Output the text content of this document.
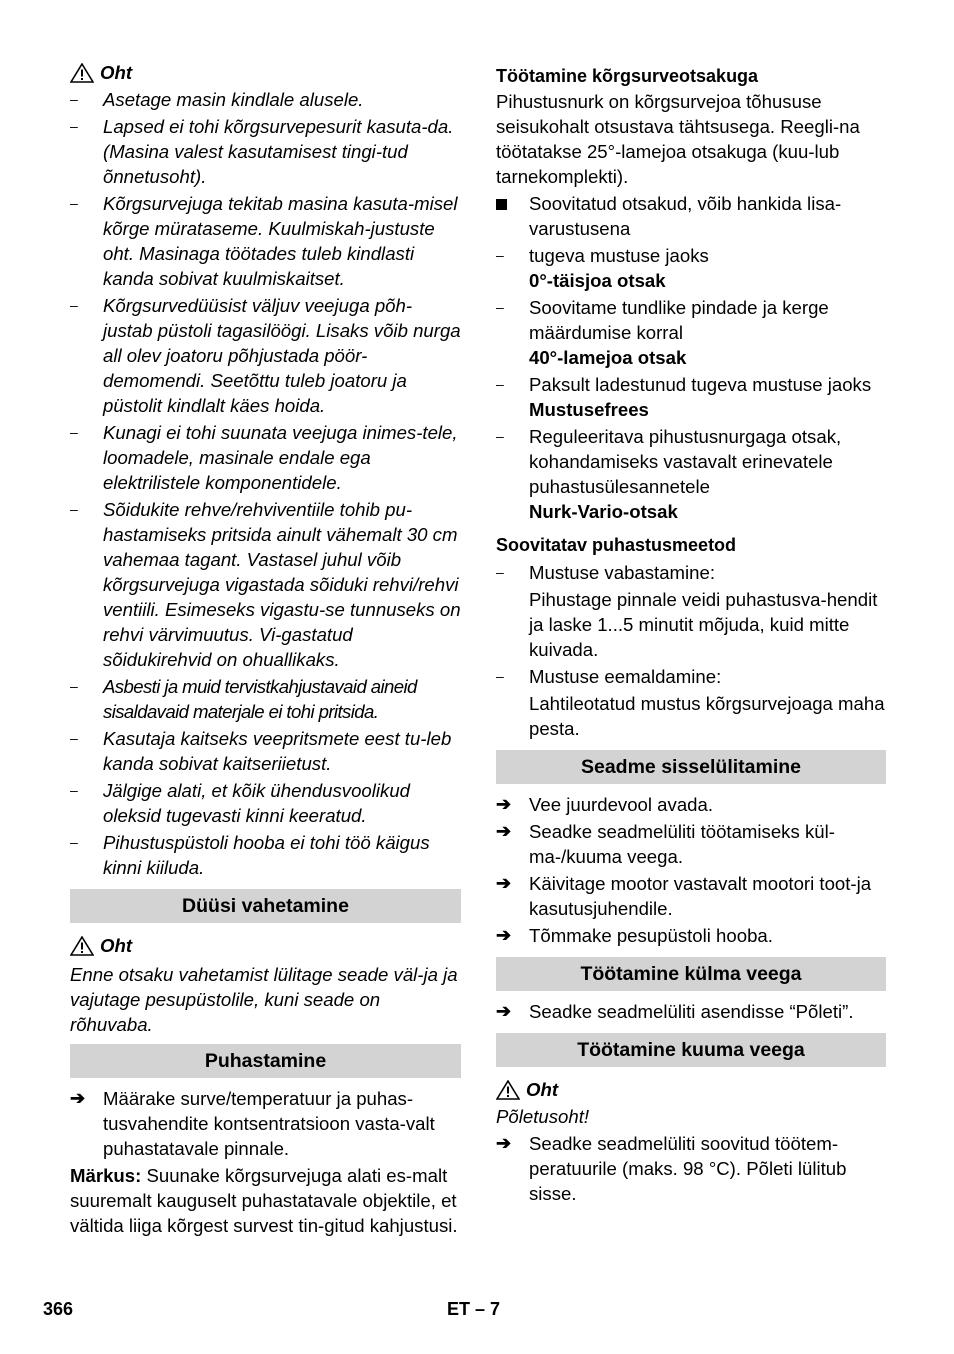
Oht
–	Asetage masin kindlale alusele.
–	Lapsed ei tohi kõrgsurvepesurit kasuta-da. (Masina valest kasutamisest tingi-tud õnnetusoht).
–	Kõrgsurvejuga tekitab masina kasuta-misel kõrge mürataseme. Kuulmiskah-justuste oht. Masinaga töötades tuleb kindlasti kanda sobivat kuulmiskaitset.
–	Kõrgsurvedüüsist väljuv veejuga põh-justab püstoli tagasilöögi. Lisaks võib nurga all olev joatoru põhjustada pöör-demomendi. Seetõttu tuleb joatoru ja püstolit kindlalt käes hoida.
–	Kunagi ei tohi suunata veejuga inimes-tele, loomadele, masinale endale ega elektrilistele komponentidele.
–	Sõidukite rehve/rehviventiile tohib pu-hastamiseks pritsida ainult vähemalt 30 cm vahemaa tagant. Vastasel juhul võib kõrgsurvejuga vigastada sõiduki rehvi/rehvi ventiili. Esimeseks vigastu-se tunnuseks on rehvi värvimuutus. Vi-gastatud sõidukirehvid on ohuallikaks.
–	Asbesti ja muid tervistkahjustavaid aineid sisaldavaid materjale ei tohi pritsida.
–	Kasutaja kaitseks veepritsmete eest tu-leb kanda sobivat kaitseriietust.
–	Jälgige alati, et kõik ühendusvoolikud oleksid tugevasti kinni keeratud.
–	Pihustuspüstoli hooba ei tohi töö käigus kinni kiiluda.
Düüsi vahetamine
Oht

Enne otsaku vahetamist lülitage seade väl-ja ja vajutage pesupüstolile, kuni seade on rõhuvaba.

Puhastamine
➔ Määrake surve/temperatuur ja puhas-tusvahendite kontsentratsioon vasta-valt puhastatavale pinnale.

Märkus: Suunake kõrgsurvejuga alati es-malt suuremalt kauguselt puhastatavale objektile, et vältida liiga kõrgest survest tin-gitud kahjustusi.

Töötamine kõrgsurveotsakuga

Pihustusnurk on kõrgsurvejoa tõhususe seisukohalt otsustava tähtsusega. Reegli-na töötatakse 25°-lamejoa otsakuga (kuu-lub tarnekomplekti).

Soovitatud otsakud, võib hankida lisa-varustusena
–	tugeva mustuse jaoks
0°-täisjoa otsak
–	Soovitame tundlike pindade ja kerge määrdumise korral
40°-lamejoa otsak
–	Paksult ladestunud tugeva mustuse jaoks
Mustusefrees
–	Reguleeritava pihustusnurgaga otsak, kohandamiseks vastavalt erinevatele puhastusülesannetele
Nurk-Vario-otsak
Soovitatav puhastusmeetod
–	Mustuse vabastamine:
Pihustage pinnale veidi puhastusva-hendit ja laske 1...5 minutit mõjuda, kuid mitte kuivada.
–	Mustuse eemaldamine:
Lahtileotatud mustus kõrgsurvejoaga maha pesta.
Seadme sisselülitamine
➔ Vee juurdevool avada.
➔ Seadke seadmelüliti töötamiseks kül-ma-/kuuma veega.
➔ Käivitage mootor vastavalt mootori toot-ja kasutusjuhendile.
➔ Tõmmake pesupüstoli hooba.
Töötamine külma veega
➔ Seadke seadmelüliti asendisse “Põleti”.
Töötamine kuuma veega
Oht

Põletusoht!

➔ Seadke seadmelüliti soovitud töötem-peratuurile (maks. 98 °C). Põleti lülitub sisse.
366	ET – 7
